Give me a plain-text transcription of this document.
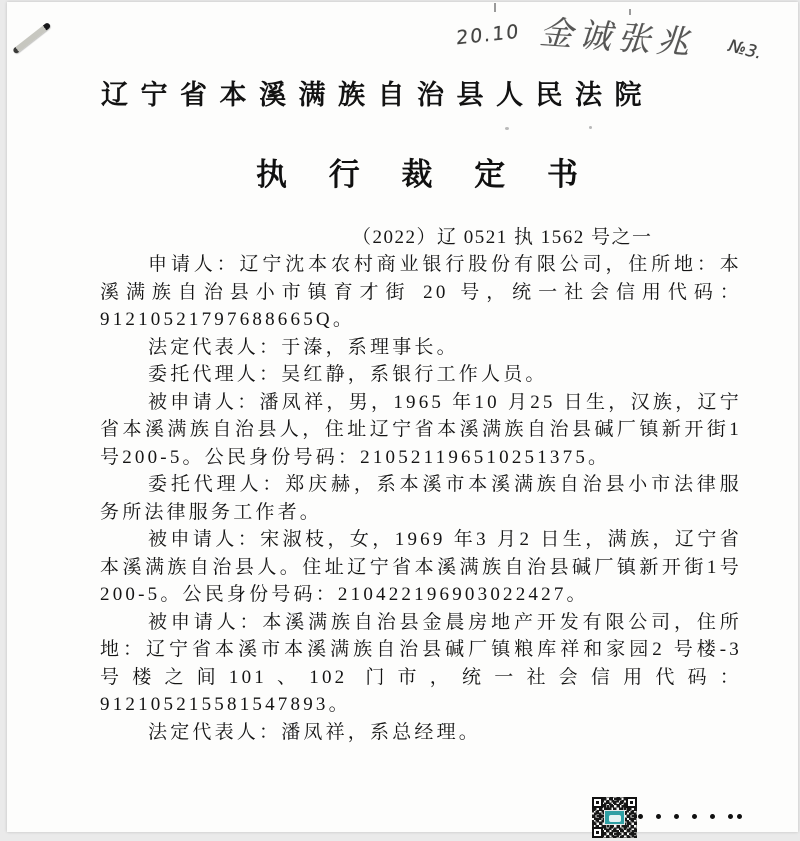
20.10 金诚张兆 №3.
辽宁省本溪满族自治县人民法院
执 行 裁 定 书
（2022）辽 0521 执 1562 号之一

申请人：辽宁沈本农村商业银行股份有限公司，住所地：本溪满族自治县小市镇育才街 20 号，统一社会信用代码：91210521797688665Q。

法定代表人：于溱，系理事长。

委托代理人：吴红静，系银行工作人员。

被申请人：潘凤祥，男，1965 年10 月25 日生，汉族，辽宁省本溪满族自治县人，住址辽宁省本溪满族自治县碱厂镇新开街1号200-5。公民身份号码：210521196510251375。

委托代理人：郑庆赫，系本溪市本溪满族自治县小市法律服务所法律服务工作者。

被申请人：宋淑枝，女，1969 年3 月2 日生，满族，辽宁省本溪满族自治县人。住址辽宁省本溪满族自治县碱厂镇新开街1号200-5。公民身份号码：210422196903022427。

被申请人：本溪满族自治县金晨房地产开发有限公司，住所地：辽宁省本溪市本溪满族自治县碱厂镇粮库祥和家园2 号楼-3 号楼之间101、102 门市，统一社会信用代码：912105215581547893。

法定代表人：潘凤祥，系总经理。
